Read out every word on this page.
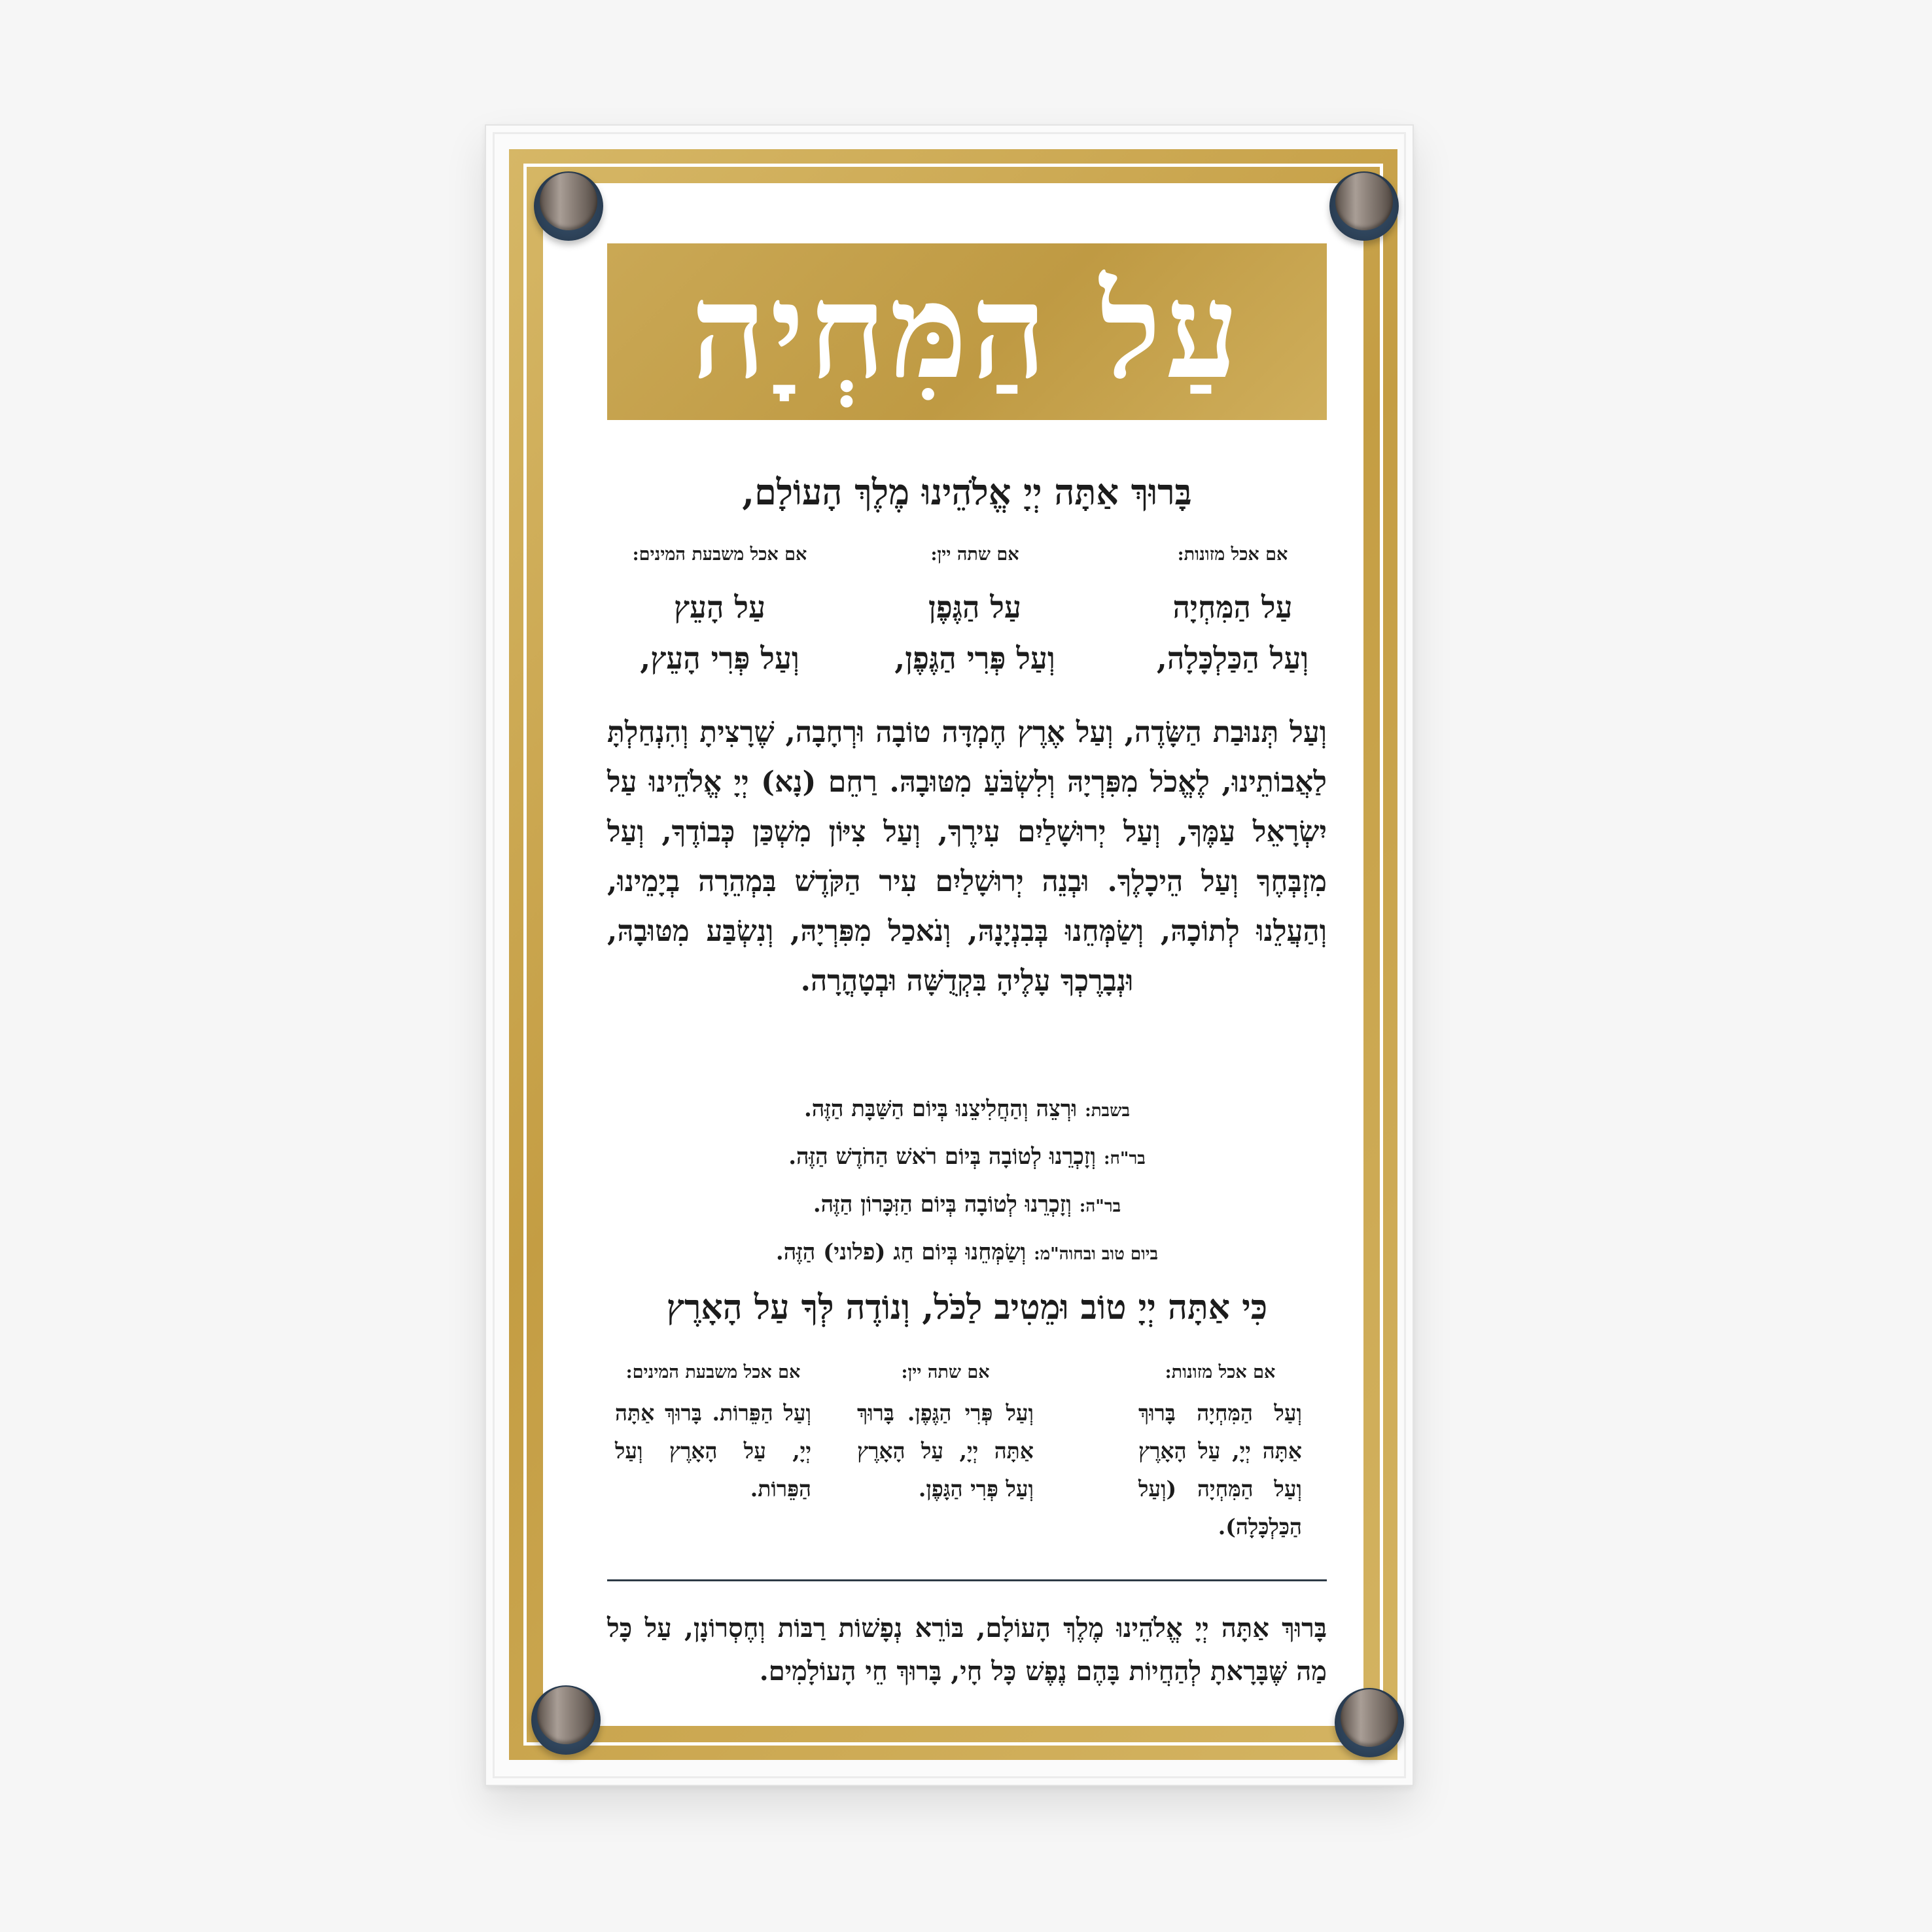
עַל הַמִּחְיָה
בָּרוּךְ אַתָּה יְיָ אֱלֹהֵינוּ מֶלֶךְ הָעוֹלָם,
אם אכל מזונות:
עַל הַמִּחְיָה
וְעַל הַכַּלְכָּלָה,
אם שתה יין:
עַל הַגֶּפֶן
וְעַל פְּרִי הַגֶּפֶן,
אם אכל משבעת המינים:
עַל הָעֵץ
וְעַל פְּרִי הָעֵץ,
וְעַל תְּנוּבַת הַשָּׂדֶה, וְעַל אֶרֶץ חֶמְדָּה טוֹבָה וּרְחָבָה, שֶׁרָצִיתָ וְהִנְחַלְתָּ לַאֲבוֹתֵינוּ, לֶאֱכֹל מִפִּרְיָהּ וְלִשְׂבֹּעַ מִטּוּבָהּ. רַחֵם (נָא) יְיָ אֱלֹהֵינוּ עַל יִשְׂרָאֵל עַמֶּךָ, וְעַל יְרוּשָׁלַיִם עִירֶךָ, וְעַל צִיּוֹן מִשְׁכַּן כְּבוֹדֶךָ, וְעַל מִזְבְּחֶךָ וְעַל הֵיכָלֶךָ. וּבְנֵה יְרוּשָׁלַיִם עִיר הַקֹּדֶשׁ בִּמְהֵרָה בְיָמֵינוּ, וְהַעֲלֵנוּ לְתוֹכָהּ, וְשַׂמְּחֵנוּ בְּבִנְיָנָהּ, וְנֹאכַל מִפִּרְיָהּ, וְנִשְׂבַּע מִטּוּבָהּ, וּנְבָרֶכְךָ עָלֶיהָ בִּקְדֻשָּׁה וּבְטָהֳרָה.
בשבת: וּרְצֵה וְהַחֲלִיצֵנוּ בְּיוֹם הַשַּׁבָּת הַזֶּה.
בר"ח: וְזָכְרֵנוּ לְטוֹבָה בְּיוֹם רֹאשׁ הַחֹדֶשׁ הַזֶּה.
בר"ה: וְזָכְרֵנוּ לְטוֹבָה בְּיוֹם הַזִּכָּרוֹן הַזֶּה.
ביום טוב ובחוה"מ: וְשַׂמְּחֵנוּ בְּיוֹם חַג (פלוני) הַזֶּה.
כִּי אַתָּה יְיָ טוֹב וּמֵטִיב לַכֹּל, וְנוֹדֶה לְּךָ עַל הָאָרֶץ
אם אכל מזונות:
וְעַל הַמִּחְיָה בָּרוּךְ אַתָּה יְיָ, עַל הָאָרֶץ וְעַל הַמִּחְיָה (וְעַל הַכַּלְכָּלָה).
אם שתה יין:
וְעַל פְּרִי הַגֶּפֶן. בָּרוּךְ אַתָּה יְיָ, עַל הָאָרֶץ וְעַל פְּרִי הַגָּפֶן.
אם אכל משבעת המינים:
וְעַל הַפֵּרוֹת. בָּרוּךְ אַתָּה יְיָ, עַל הָאָרֶץ וְעַל הַפֵּרוֹת.
בָּרוּךְ אַתָּה יְיָ אֱלֹהֵינוּ מֶלֶךְ הָעוֹלָם, בּוֹרֵא נְפָשׁוֹת רַבּוֹת וְחֶסְרוֹנָן, עַל כָּל מַה שֶּׁבָּרָאתָ לְהַחֲיוֹת בָּהֶם נֶפֶשׁ כָּל חָי, בָּרוּךְ חֵי הָעוֹלָמִים.
